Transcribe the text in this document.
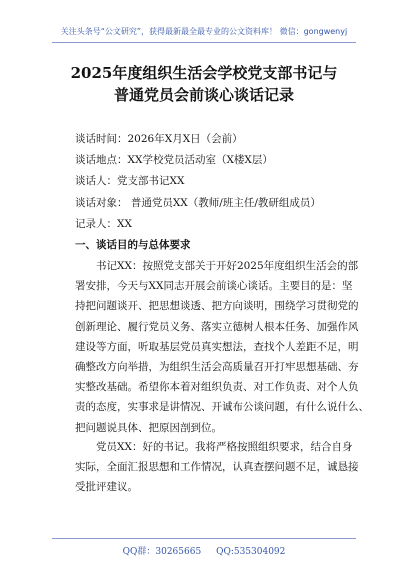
关注头条号“公文研究”，获得最新最全最专业的公文资料库！ 微信：gongwenyj
2025年度组织生活会学校党支部书记与
普通党员会前谈心谈话记录
谈话时间：2026年X月X日（会前）
谈话地点：XX学校党员活动室（X楼X层）
谈话人：党支部书记XX
谈话对象： 普通党员XX（教师/班主任/教研组成员）
记录人：XX
一、谈话目的与总体要求
书记XX：按照党支部关于开好2025年度组织生活会的部
署安排，今天与XX同志开展会前谈心谈话。主要目的是：坚
持把问题谈开、把思想谈透、把方向谈明，围绕学习贯彻党的
创新理论、履行党员义务、落实立德树人根本任务、加强作风
建设等方面，听取基层党员真实想法，查找个人差距不足，明
确整改方向举措，为组织生活会高质量召开打牢思想基础、夯
实整改基础。希望你本着对组织负责、对工作负责、对个人负
责的态度，实事求是讲情况、开诚布公谈问题，有什么说什么、
把问题说具体、把原因剖到位。
党员XX：好的书记。我将严格按照组织要求，结合自身
实际，全面汇报思想和工作情况，认真查摆问题不足，诚恳接
受批评建议。
QQ群：30265665 QQ:535304092
